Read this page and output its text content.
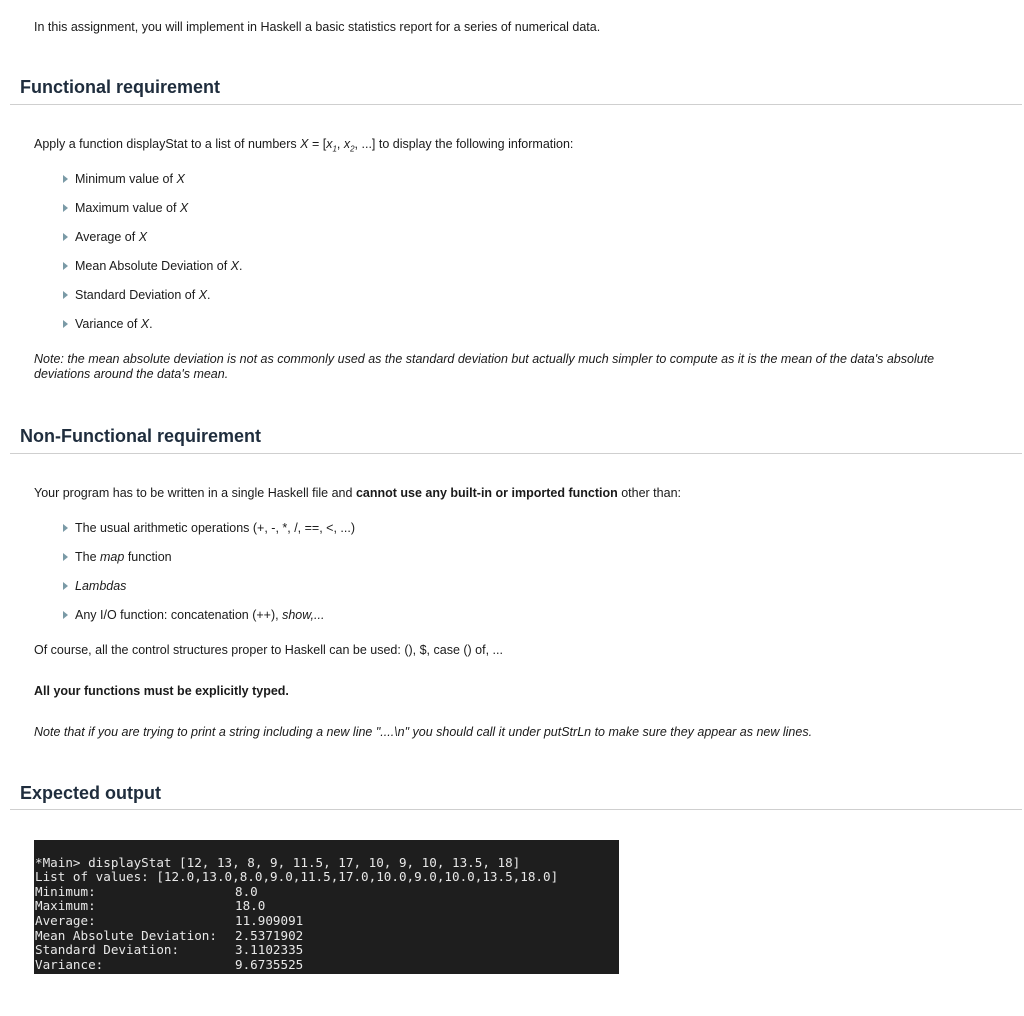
In this assignment, you will implement in Haskell a basic statistics report for a series of numerical data.
Functional requirement
Apply a function displayStat to a list of numbers $X = [x_1$, $x_2$, ...] to display the following information:
Minimum value of X
Maximum value of X
Average of X
Mean Absolute Deviation of X.
Standard Deviation of X.
Variance of X.
Note: the mean absolute deviation is not as commonly used as the standard deviation but actually much simpler to compute as it is the mean of the data's absolute deviations around the data's mean.
Non-Functional requirement
Your program has to be written in a single Haskell file and cannot use any built-in or imported function other than:
The usual arithmetic operations (+, -, *, /, ==, <, ...)
The map function
Lambdas
Any I/O function: concatenation (++), show,...
Of course, all the control structures proper to Haskell can be used: (), $, case () of, ...
All your functions must be explicitly typed.
Note that if you are trying to print a string including a new line "....\n" you should call it under putStrLn to make sure they appear as new lines.
Expected output

*Main> displayStat [12, 13, 8, 9, 11.5, 17, 10, 9, 10, 13.5, 18]
List of values: [12.0,13.0,8.0,9.0,11.5,17.0,10.0,9.0,10.0,13.5,18.0]
Minimum:	8.0
Maximum:	18.0
Average:	11.909091
Mean Absolute Deviation: 2.5371902
Standard Deviation:	3.1102335
Variance:	9.6735525
